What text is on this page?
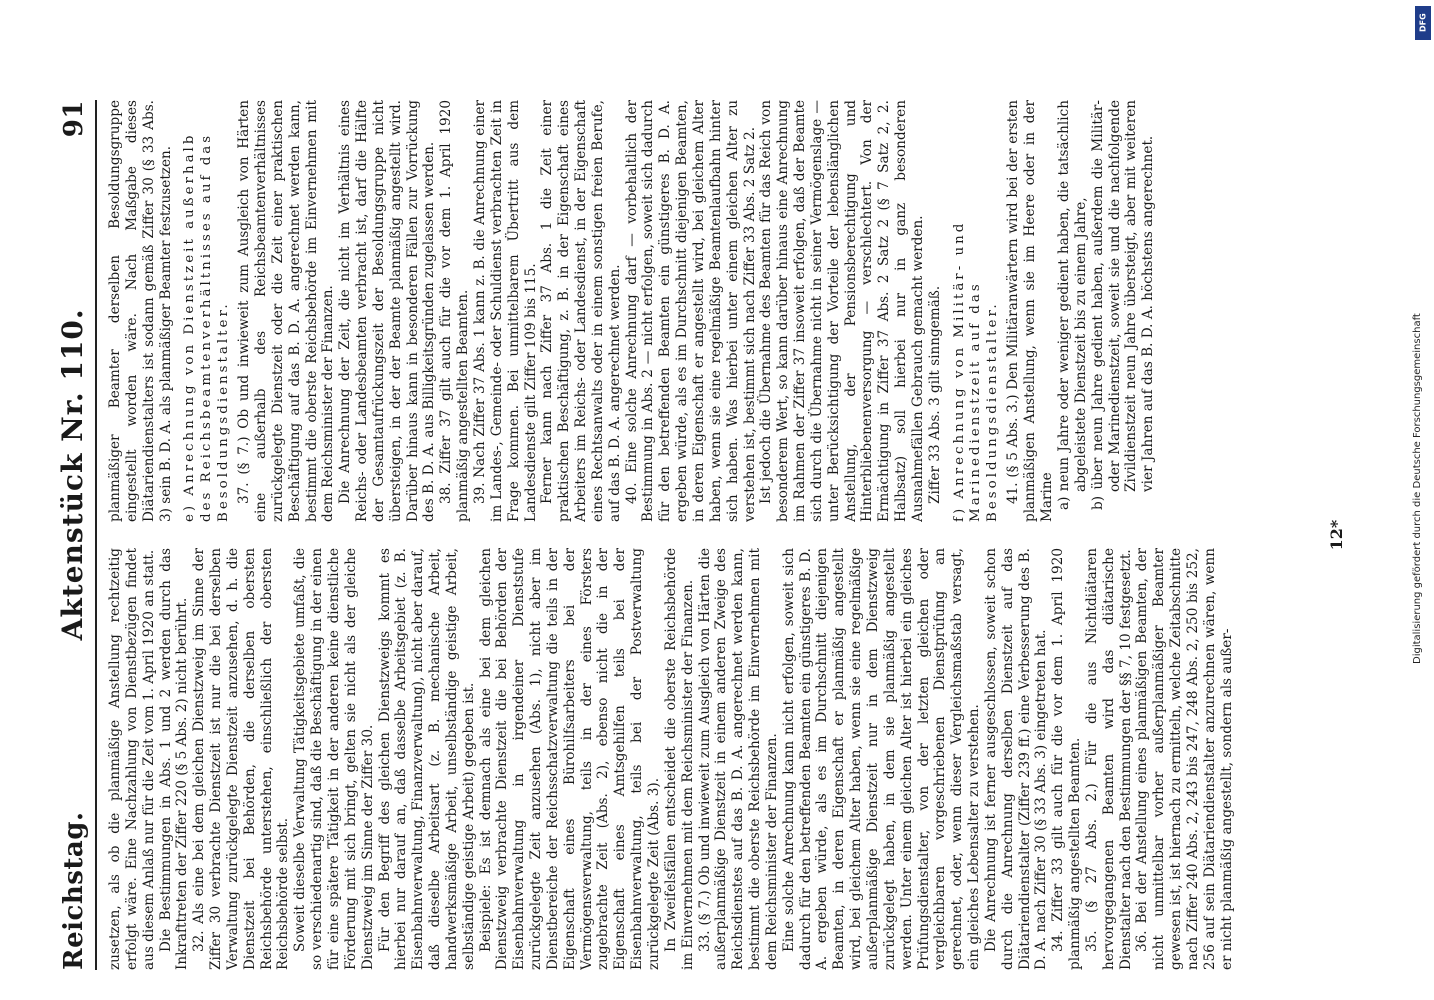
DFG
Digitalisierung gefördert durch die Deutsche Forschungsgemeinschaft
Reichstag.
Aktenstück Nr. 110.
91

zusetzen, als ob die planmäßige Anstellung rechtzeitig erfolgt wäre. Eine Nachzahlung von Dienstbezügen findet aus diesem Anlaß nur für die Zeit vom 1. April 1920 an statt. Die Bestimmungen in Abs. 1 und 2 werden durch das Inkrafttreten der Ziffer 220 (§ 5 Abs. 2) nicht berührt. 32. Als eine bei dem gleichen Dienstzweig im Sinne der Ziffer 30 verbrachte Dienstzeit ist nur die bei derselben Verwaltung zurückgelegte Dienstzeit anzusehen, d. h. die Dienstzeit bei Behörden, die derselben obersten Reichsbehörde unterstehen, einschließlich der obersten Reichsbehörde selbst. Soweit dieselbe Verwaltung Tätigkeitsgebiete umfaßt, die so verschiedenartig sind, daß die Beschäftigung in der einen für eine spätere Tätigkeit in der anderen keine dienstliche Förderung mit sich bringt, gelten sie nicht als der gleiche Dienstzweig im Sinne der Ziffer 30. Für den Begriff des gleichen Dienstzweigs kommt es hierbei nur darauf an, daß dasselbe Arbeitsgebiet (z. B. Eisenbahnverwaltung, Finanzverwaltung), nicht aber darauf, daß dieselbe Arbeitsart (z. B. mechanische Arbeit, handwerksmäßige Arbeit, unselbständige geistige Arbeit, selbständige geistige Arbeit) gegeben ist. Beispiele: Es ist demnach als eine bei dem gleichen Dienstzweig verbrachte Dienstzeit die bei Behörden der Eisenbahnverwaltung in irgendeiner Dienststufe zurückgelegte Zeit anzusehen (Abs. 1), nicht aber im Dienstbereiche der Reichsschatzverwaltung die teils in der Eigenschaft eines Bürohilfsarbeiters bei der Vermögensverwaltung, teils in der eines Försters zugebrachte Zeit (Abs. 2), ebenso nicht die in der Eigenschaft eines Amtsgehilfen teils bei der Eisenbahnverwaltung, teils bei der Postverwaltung zurückgelegte Zeit (Abs. 3). In Zweifelsfällen entscheidet die oberste Reichsbehörde im Einvernehmen mit dem Reichsminister der Finanzen. 33. (§ 7.) Ob und inwieweit zum Ausgleich von Härten die außerplanmäßige Dienstzeit in einem anderen Zweige des Reichsdienstes auf das B. D. A. angerechnet werden kann, bestimmt die oberste Reichsbehörde im Einvernehmen mit dem Reichsminister der Finanzen. Eine solche Anrechnung kann nicht erfolgen, soweit sich dadurch für den betreffenden Beamten ein günstigeres B. D. A. ergeben würde, als es im Durchschnitt diejenigen Beamten, in deren Eigenschaft er planmäßig angestellt wird, bei gleichem Alter haben, wenn sie eine regelmäßige außerplanmäßige Dienstzeit nur in dem Dienstzweig zurückgelegt haben, in dem sie planmäßig angestellt werden. Unter einem gleichen Alter ist hierbei ein gleiches Prüfungsdienstalter, von der letzten gleichen oder vergleichbaren vorgeschriebenen Dienstprüfung an gerechnet, oder, wenn dieser Vergleichsmaßstab versagt, ein gleiches Lebensalter zu verstehen. Die Anrechnung ist ferner ausgeschlossen, soweit schon durch die Anrechnung derselben Dienstzeit auf das Diätariendienstalter (Ziffer 239 ff.) eine Verbesserung des B. D. A. nach Ziffer 30 (§ 33 Abs. 3) eingetreten hat. 34. Ziffer 33 gilt auch für die vor dem 1. April 1920 planmäßig angestellten Beamten. 35. (§ 27 Abs. 2.) Für die aus Nichtdiätaren hervorgegangenen Beamten wird das diätarische Dienstalter nach den Bestimmungen der §§ 7, 10 festgesetzt. 36. Bei der Anstellung eines planmäßigen Beamten, der nicht unmittelbar vorher außerplanmäßiger Beamter gewesen ist, ist hiernach zu ermitteln, welche Zeitabschnitte nach Ziffer 240 Abs. 2, 243 bis 247, 248 Abs. 2, 250 bis 252, 256 auf sein Diätariendienstalter anzurechnen wären, wenn er nicht planmäßig angestellt, sondern als außer-

planmäßiger Beamter derselben Besoldungsgruppe eingestellt worden wäre. Nach Maßgabe dieses Diätariendienstalters ist sodann gemäß Ziffer 30 (§ 33 Abs. 3) sein B. D. A. als planmäßiger Beamter festzusetzen. e) Anrechnung von Dienstzeit außerhalb des Reichsbeamtenverhältnisses auf das Besoldungsdienstalter. 37. (§ 7.) Ob und inwieweit zum Ausgleich von Härten eine außerhalb des Reichsbeamtenverhältnisses zurückgelegte Dienstzeit oder die Zeit einer praktischen Beschäftigung auf das B. D. A. angerechnet werden kann, bestimmt die oberste Reichsbehörde im Einvernehmen mit dem Reichsminister der Finanzen. Die Anrechnung der Zeit, die nicht im Verhältnis eines Reichs- oder Landesbeamten verbracht ist, darf die Hälfte der Gesamtaufrückungszeit der Besoldungsgruppe nicht übersteigen, in der der Beamte planmäßig angestellt wird. Darüber hinaus kann in besonderen Fällen zur Vorrückung des B. D. A. aus Billigkeitsgründen zugelassen werden. 38. Ziffer 37 gilt auch für die vor dem 1. April 1920 planmäßig angestellten Beamten. 39. Nach Ziffer 37 Abs. 1 kann z. B. die Anrechnung einer im Landes-, Gemeinde- oder Schuldienst verbrachten Zeit in Frage kommen. Bei unmittelbarem Übertritt aus dem Landesdienste gilt Ziffer 109 bis 115. Ferner kann nach Ziffer 37 Abs. 1 die Zeit einer praktischen Beschäftigung, z. B. in der Eigenschaft eines Arbeiters im Reichs- oder Landesdienst, in der Eigenschaft eines Rechtsanwalts oder in einem sonstigen freien Berufe, auf das B. D. A. angerechnet werden. 40. Eine solche Anrechnung darf — vorbehaltlich der Bestimmung in Abs. 2 — nicht erfolgen, soweit sich dadurch für den betreffenden Beamten ein günstigeres B. D. A. ergeben würde, als es im Durchschnitt diejenigen Beamten, in deren Eigenschaft er angestellt wird, bei gleichem Alter haben, wenn sie eine regelmäßige Beamtenlaufbahn hinter sich haben. Was hierbei unter einem gleichen Alter zu verstehen ist, bestimmt sich nach Ziffer 33 Abs. 2 Satz 2. Ist jedoch die Übernahme des Beamten für das Reich von besonderem Wert, so kann darüber hinaus eine Anrechnung im Rahmen der Ziffer 37 insoweit erfolgen, daß der Beamte sich durch die Übernahme nicht in seiner Vermögenslage — unter Berücksichtigung der Vorteile der lebenslänglichen Anstellung, der Pensionsberechtigung und Hinterbliebenenversorgung — verschlechtert. Von der Ermächtigung in Ziffer 37 Abs. 2 Satz 2 (§ 7 Satz 2, 2. Halbsatz) soll hierbei nur in ganz besonderen Ausnahmefällen Gebrauch gemacht werden. Ziffer 33 Abs. 3 gilt sinngemäß. f) Anrechnung von Militär- und Marinedienstzeit auf das Besoldungsdienstalter. 41. (§ 5 Abs. 3.) Den Militäranwärtern wird bei der ersten planmäßigen Anstellung, wenn sie im Heere oder in der Marine a) neun Jahre oder weniger gedient haben, die tatsächlich abgeleistete Dienstzeit bis zu einem Jahre, b) über neun Jahre gedient haben, außerdem die Militär- oder Marinedienstzeit, soweit sie und die nachfolgende Zivildienstzeit neun Jahre übersteigt, aber mit weiteren vier Jahren auf das B. D. A. höchstens angerechnet.

12*
